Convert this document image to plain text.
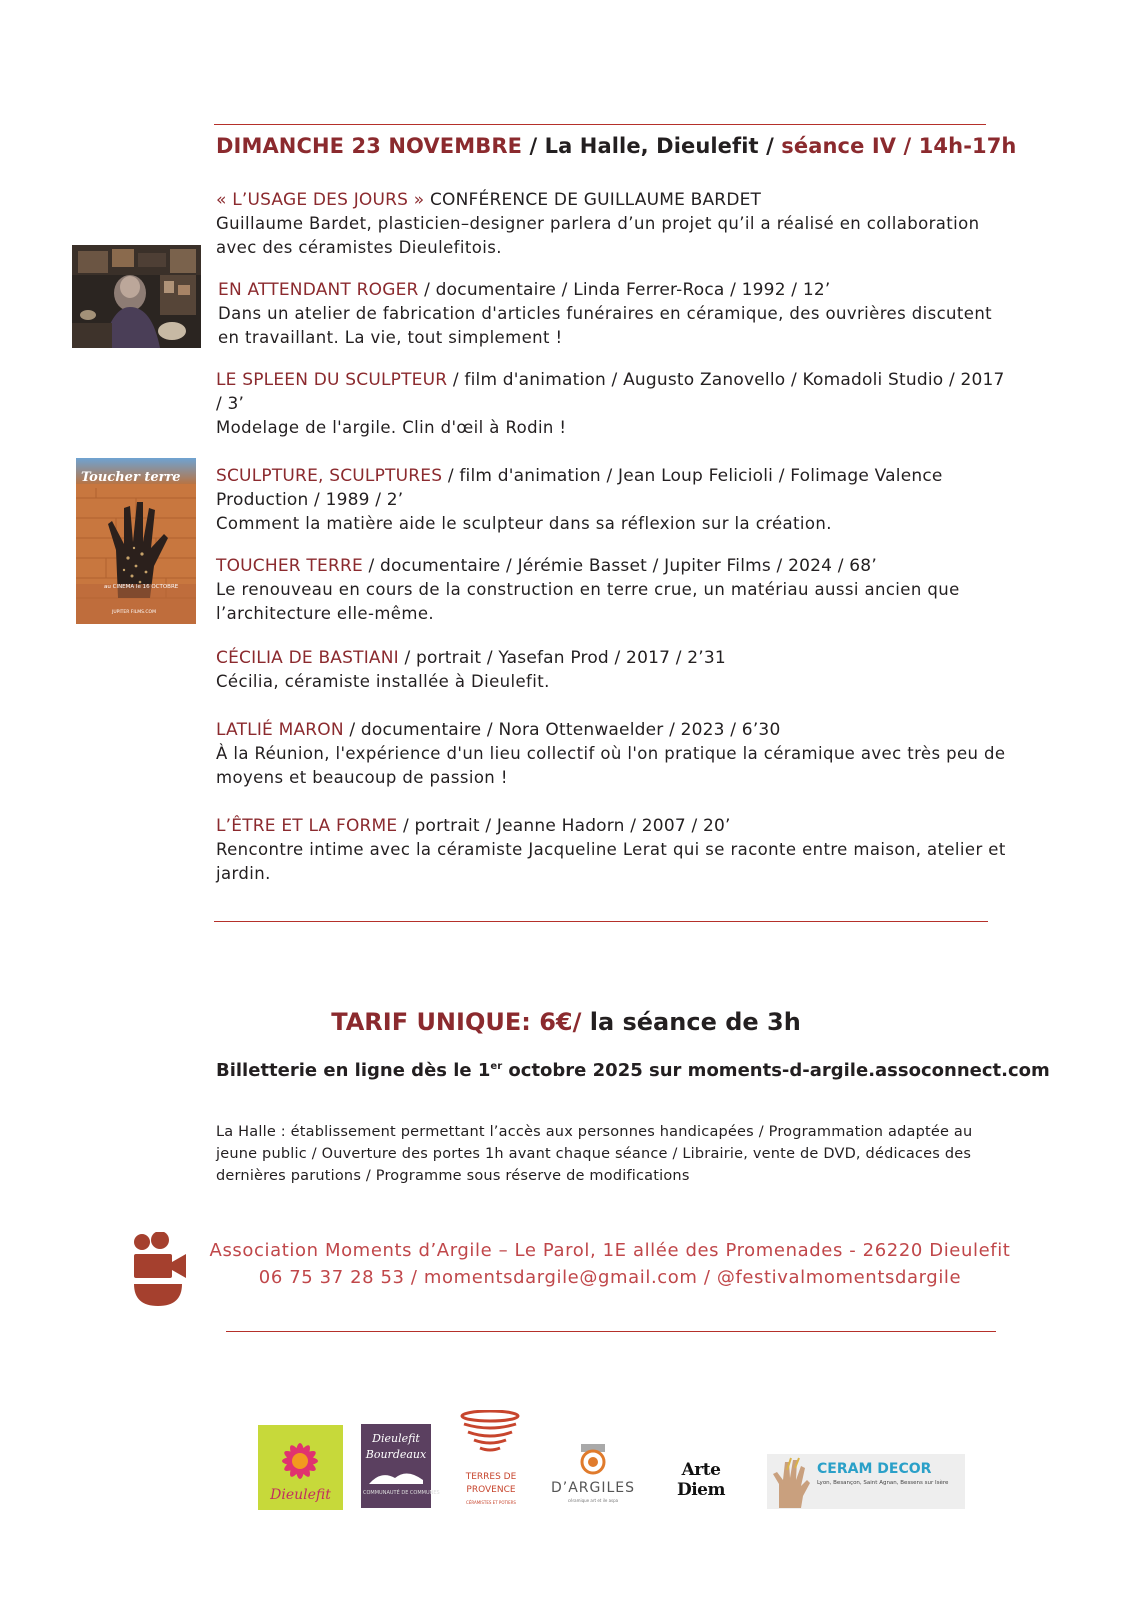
DIMANCHE 23 NOVEMBRE / La Halle, Dieulefit / séance IV / 14h-17h
Toucher terre
au CINEMA le 16 OCTOBRE
JUPITER FILMS.COM
« L’USAGE DES JOURS » CONFÉRENCE DE GUILLAUME BARDET
Guillaume Bardet, plasticien–designer parlera d’un projet qu’il a réalisé en collaboration avec des céramistes Dieulefitois.
EN ATTENDANT ROGER / documentaire / Linda Ferrer-Roca / 1992 / 12’
Dans un atelier de fabrication d'articles funéraires en céramique, des ouvrières discutent en travaillant. La vie, tout simplement !
LE SPLEEN DU SCULPTEUR / film d'animation / Augusto Zanovello / Komadoli Studio / 2017 / 3’
Modelage de l'argile. Clin d'œil à Rodin !
SCULPTURE, SCULPTURES / film d'animation / Jean Loup Felicioli / Folimage Valence Production / 1989 / 2’
Comment la matière aide le sculpteur dans sa réflexion sur la création.
TOUCHER TERRE / documentaire / Jérémie Basset / Jupiter Films / 2024 / 68’
Le renouveau en cours de la construction en terre crue, un matériau aussi ancien que l’architecture elle-même.
CÉCILIA DE BASTIANI / portrait / Yasefan Prod / 2017 / 2’31
Cécilia, céramiste installée à Dieulefit.
LATLIÉ MARON / documentaire / Nora Ottenwaelder / 2023 / 6’30
À la Réunion, l'expérience d'un lieu collectif où l'on pratique la céramique avec très peu de moyens et beaucoup de passion !
L’ÊTRE ET LA FORME / portrait / Jeanne Hadorn / 2007 / 20’
Rencontre intime avec la céramiste Jacqueline Lerat qui se raconte entre maison, atelier et jardin.
TARIF UNIQUE: 6€/ la séance de 3h
Billetterie en ligne dès le 1er octobre 2025 sur moments-d-argile.assoconnect.com
La Halle : établissement permettant l’accès aux personnes handicapées / Programmation adaptée au jeune public / Ouverture des portes 1h avant chaque séance / Librairie, vente de DVD, dédicaces des dernières parutions / Programme sous réserve de modifications
Association Moments d’Argile – Le Parol, 1E allée des Promenades - 26220 Dieulefit
06 75 37 28 53 / momentsdargile@gmail.com / @festivalmomentsdargile
Dieulefit
Dieulefit
Bourdeaux
COMMUNAUTÉ DE COMMUNES
TERRES DE
PROVENCE
CÉRAMISTES ET POTIERS
D’ARGILES
céramique art et ile aspa
Arte Diem
CERAM DECOR
Lyon, Besançon, Saint Agnan, Bessens sur Isère
